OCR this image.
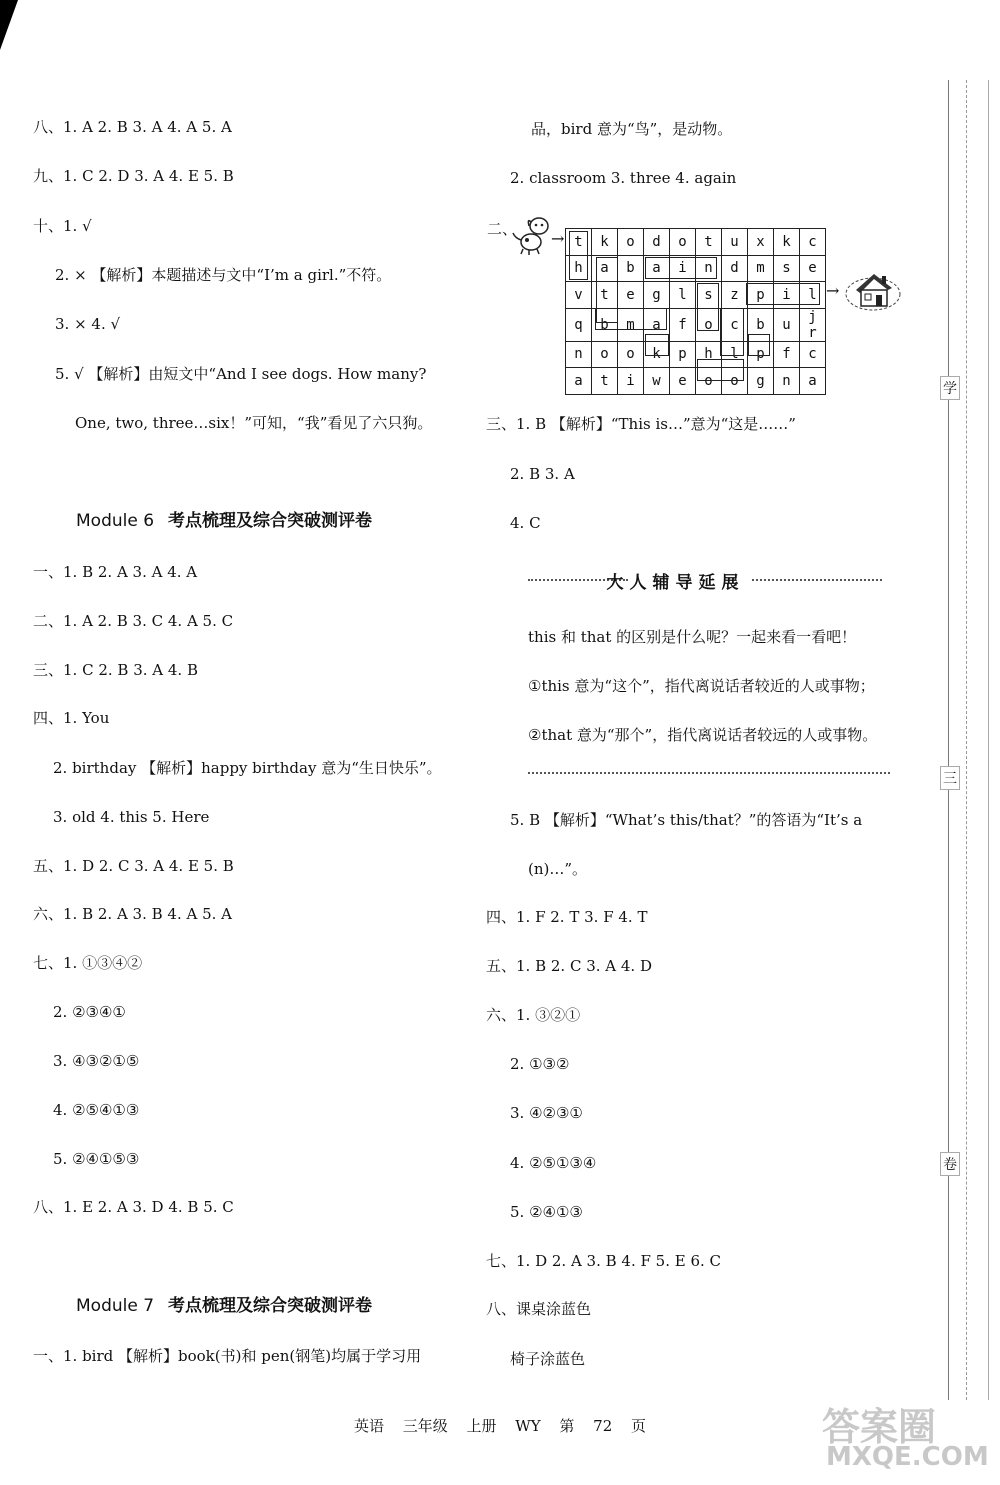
八、1. A 2. B 3. A 4. A 5. A
九、1. C 2. D 3. A 4. E 5. B
十、1. √
2. × 【解析】本题描述与文中“I’m a girl.”不符。
3. × 4. √
5. √ 【解析】由短文中“And I see dogs. How many?
One, two, three…six！”可知，“我”看见了六只狗。
Module 6 考点梳理及综合突破测评卷
一、1. B 2. A 3. A 4. A
二、1. A 2. B 3. C 4. A 5. C
三、1. C 2. B 3. A 4. B
四、1. You
2. birthday 【解析】happy birthday 意为“生日快乐”。
3. old 4. this 5. Here
五、1. D 2. C 3. A 4. E 5. B
六、1. B 2. A 3. B 4. A 5. A
七、1. ①③④②
2. ②③④①
3. ④③②①⑤
4. ②⑤④①③
5. ②④①⑤③
八、1. E 2. A 3. D 4. B 5. C
Module 7 考点梳理及综合突破测评卷
一、1. bird 【解析】book(书)和 pen(钢笔)均属于学习用
品，bird 意为“鸟”，是动物。
2. classroom 3. three 4. again
二、 → t	k	o	d	o	t	u	x	k	c
h	a	b	a	i	n	d	m	s	e
v	t	e	g	l	s	z	p	i	l
q	b	m	a	f	o	c	b	u	j r
n	o	o	k	p	h	l	p	f	c
a	t	i	w	e	o	o	g	n	a
→
三、1. B 【解析】“This is…”意为“这是……”
2. B 3. A
4. C
大人辅导延展
this 和 that 的区别是什么呢？一起来看一看吧！
①this 意为“这个”，指代离说话者较近的人或事物；
②that 意为“那个”，指代离说话者较远的人或事物。
5. B 【解析】“What’s this/that？”的答语为“It’s a
(n)…”。
四、1. F 2. T 3. F 4. T
五、1. B 2. C 3. A 4. D
六、1. ③②①
2. ①③②
3. ④②③①
4. ②⑤①③④
5. ②④①③
七、1. D 2. A 3. B 4. F 5. E 6. C
八、课桌涂蓝色
椅子涂蓝色
学
三
卷
英语 三年级 上册 WY 第 72 页	答案圈
MXQE.COM
